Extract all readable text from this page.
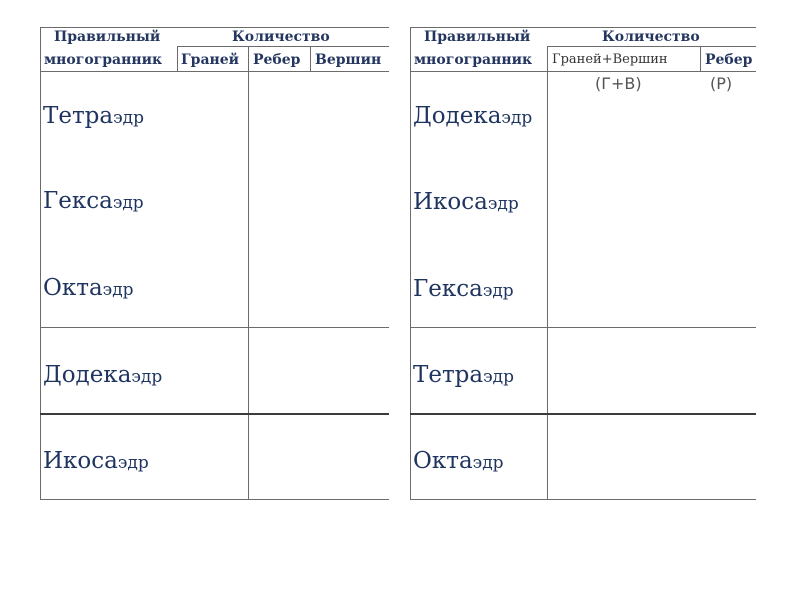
Правильный
многогранник
Количество
Граней Ребер Вершин
Тетраэдр
Гексаэдр
Октаэдр
Додекаэдр
Икосаэдр
Правильный
многогранник
Количество
Граней+Вершин	Ребер
(Г+В)	(Р)
Додекаэдр
Икосаэдр
Гексаэдр
Тетраэдр
Октаэдр
